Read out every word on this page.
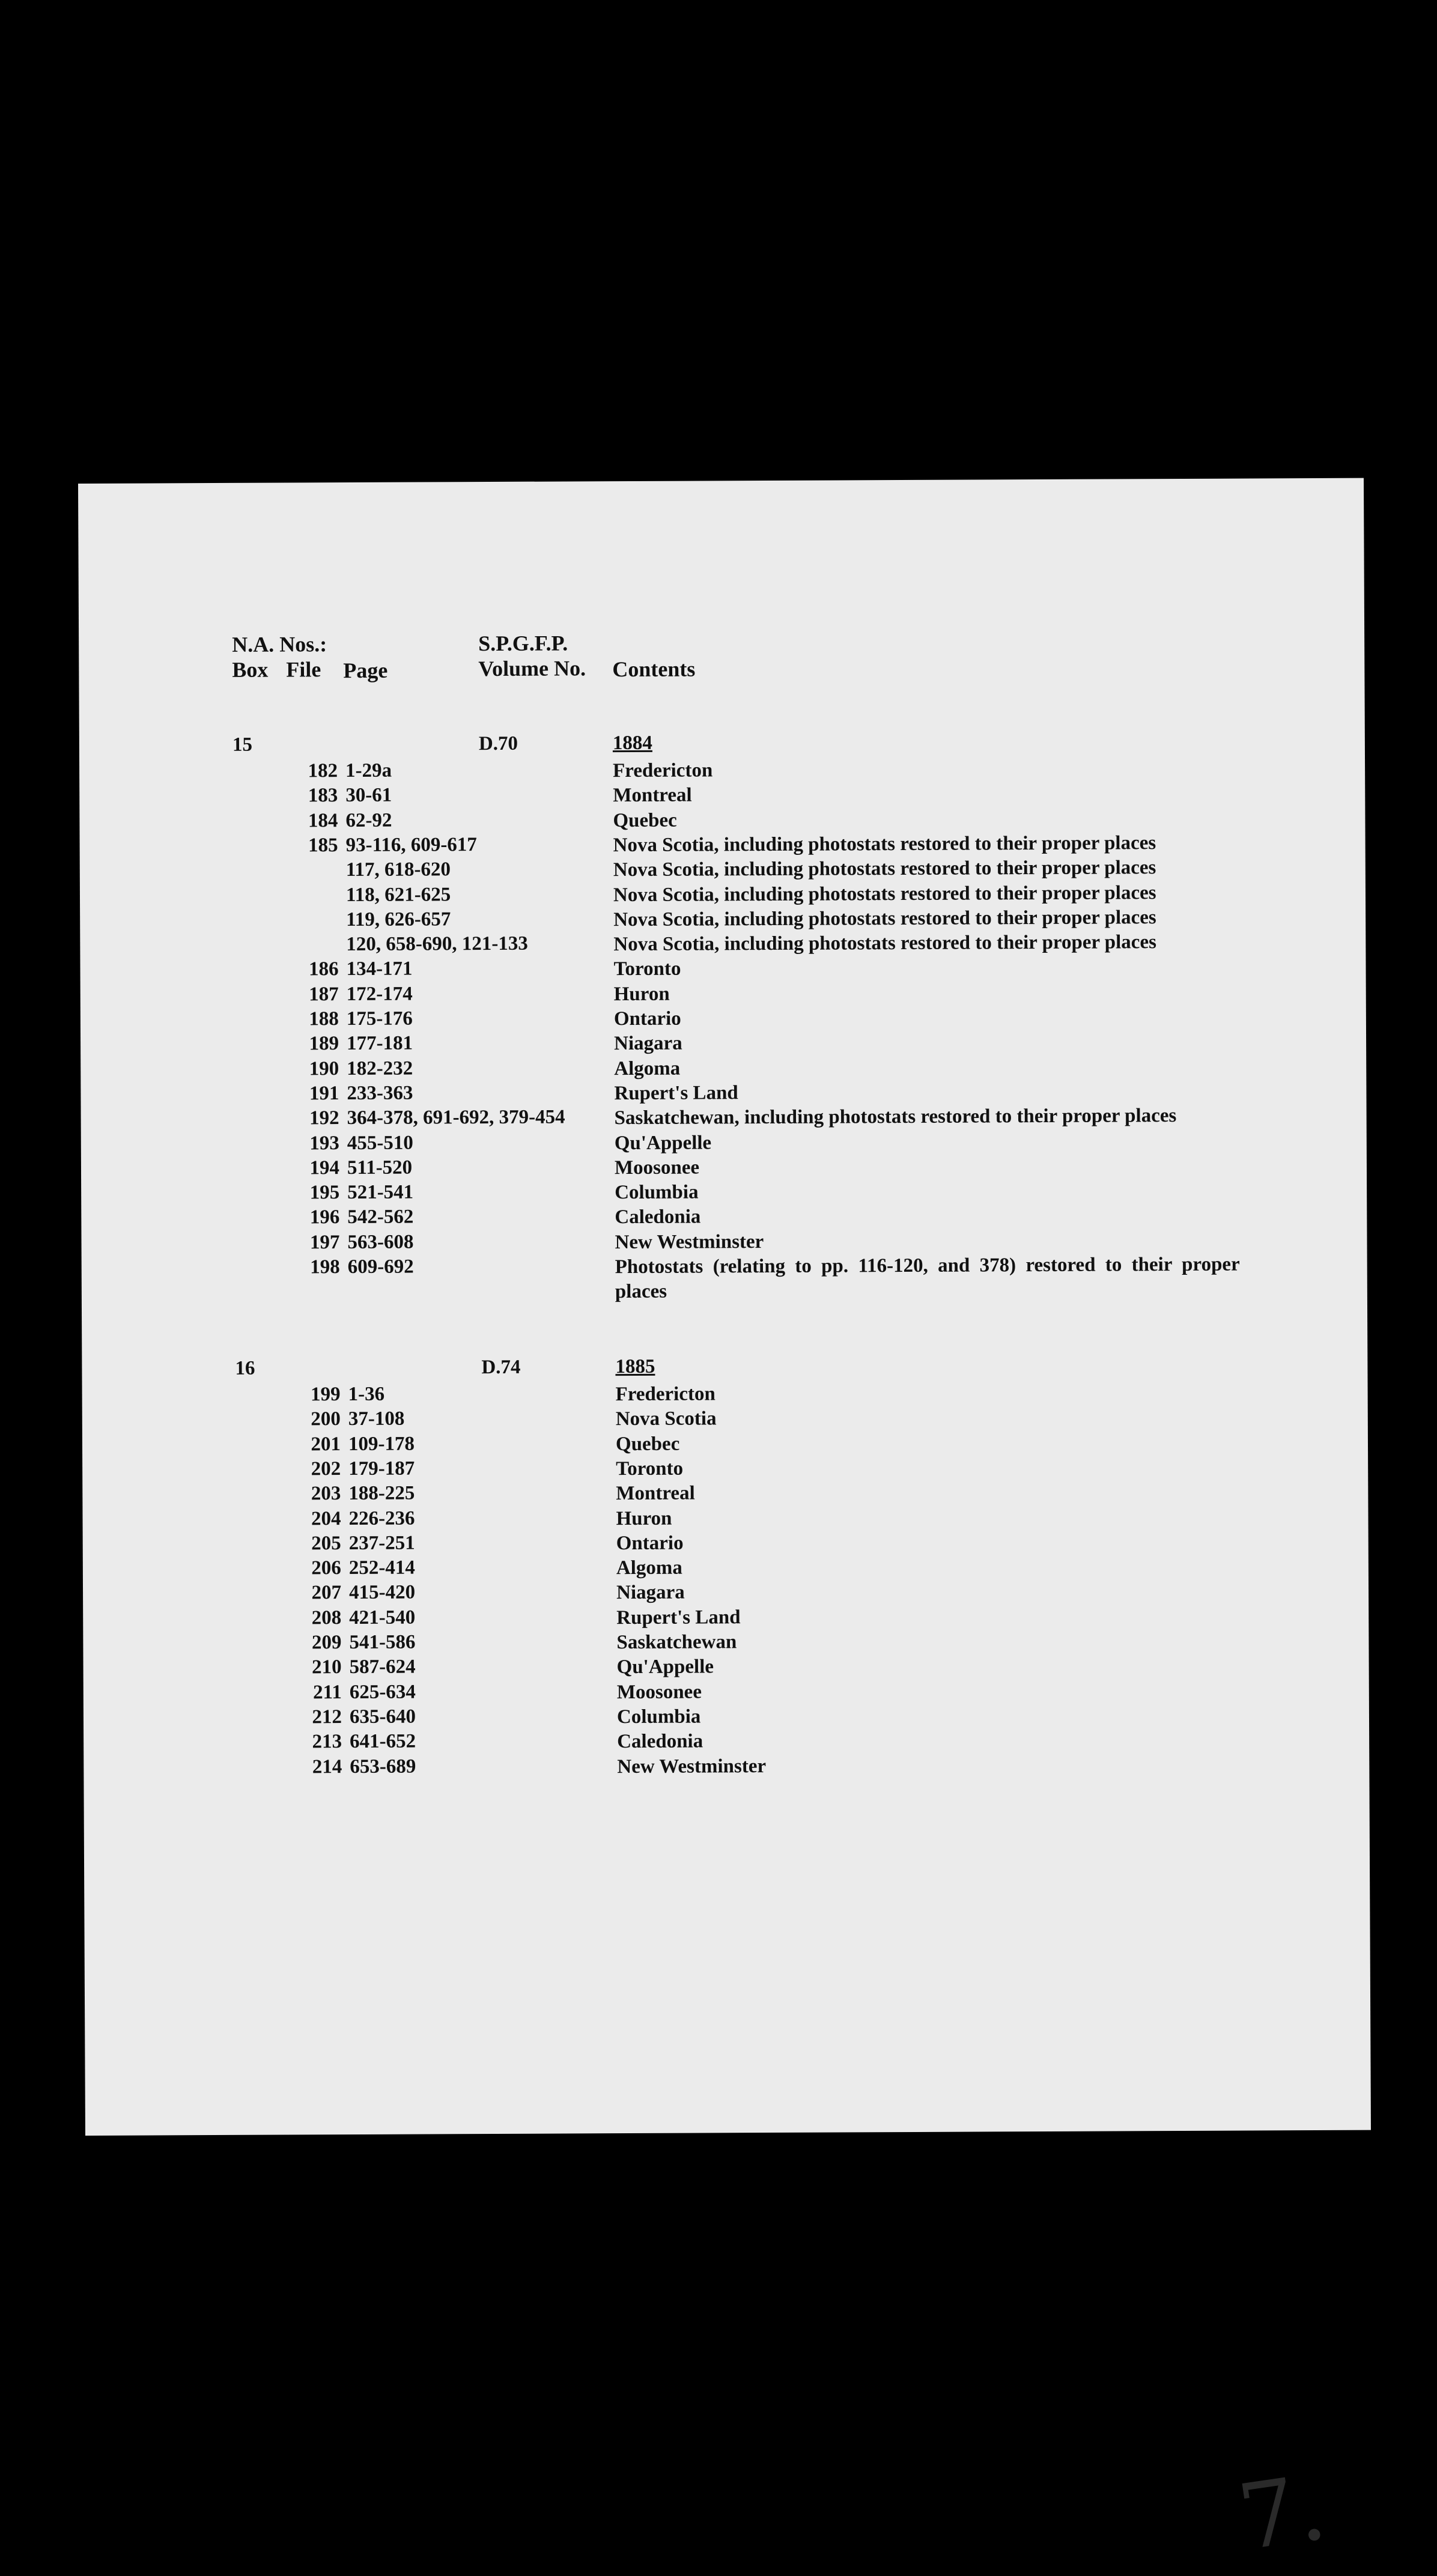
N.A. Nos.:	S.P.G.F.P.
Box File Page	Volume No. Contents
15	D.70	1884
182 1-29a	Fredericton
183 30-61	Montreal
184 62-92	Quebec
185 93-116, 609-617	Nova Scotia, including photostats restored to their proper places
117, 618-620	Nova Scotia, including photostats restored to their proper places
118, 621-625	Nova Scotia, including photostats restored to their proper places
119, 626-657	Nova Scotia, including photostats restored to their proper places
120, 658-690, 121-133	Nova Scotia, including photostats restored to their proper places
186 134-171	Toronto
187 172-174	Huron
188 175-176	Ontario
189 177-181	Niagara
190 182-232	Algoma
191 233-363	Rupert's Land
192 364-378, 691-692, 379-454 Saskatchewan, including photostats restored to their proper places
193 455-510	Qu'Appelle
194 511-520	Moosonee
195 521-541	Columbia
196 542-562	Caledonia
197 563-608	New Westminster
198 609-692	Photostats (relating to pp. 116-120, and 378) restored to their proper places
16	D.74	1885
199 1-36	Fredericton
200 37-108	Nova Scotia
201 109-178	Quebec
202 179-187	Toronto
203 188-225	Montreal
204 226-236	Huron
205 237-251	Ontario
206 252-414	Algoma
207 415-420	Niagara
208 421-540	Rupert's Land
209 541-586	Saskatchewan
210 587-624	Qu'Appelle
211 625-634	Moosonee
212 635-640	Columbia
213 641-652	Caledonia
214 653-689	New Westminster
7.
